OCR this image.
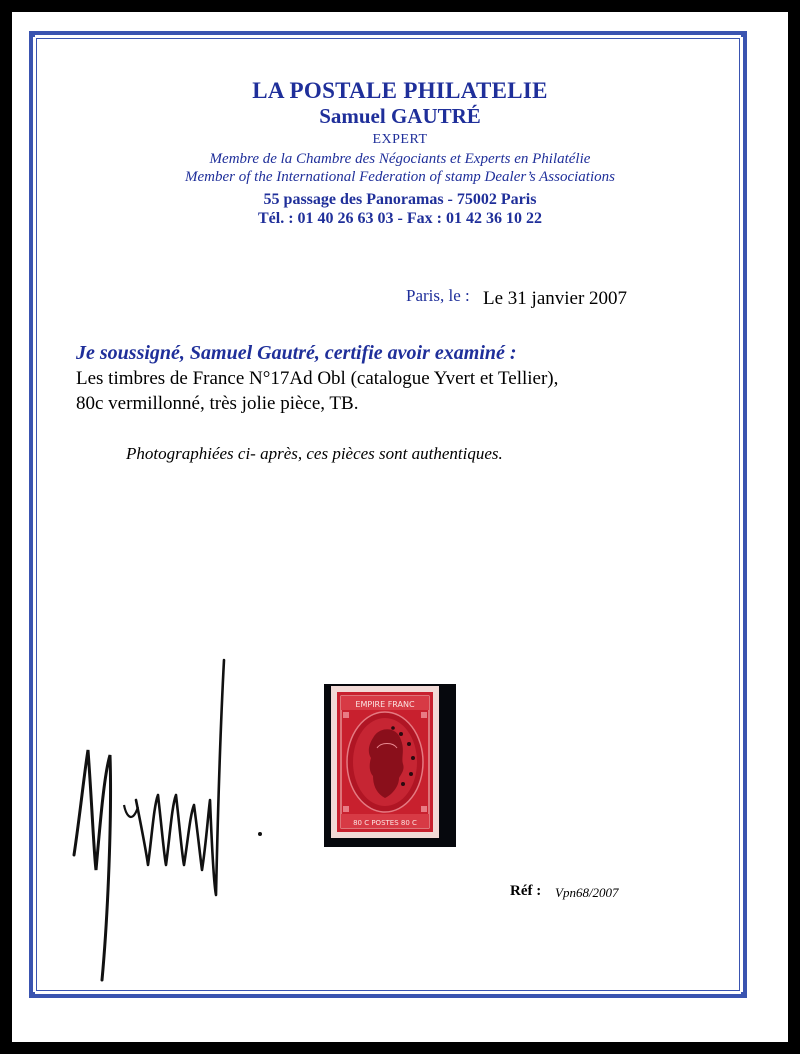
LA POSTALE PHILATELIE
Samuel GAUTRÉ
EXPERT
Membre de la Chambre des Négociants et Experts en Philatélie
Member of the International Federation of stamp Dealer’s Associations
55 passage des Panoramas - 75002 Paris
Tél. : 01 40 26 63 03 - Fax : 01 42 36 10 22
Paris, le : Le 31 janvier 2007
Je soussigné, Samuel Gautré, certifie avoir examiné :
Les timbres de France N°17Ad Obl (catalogue Yvert et Tellier),
80c vermillonné, très jolie pièce, TB.
Photographiées ci- après, ces pièces sont authentiques.
EMPIRE FRANC
80 C POSTES 80 C
Réf : Vpn68/2007
